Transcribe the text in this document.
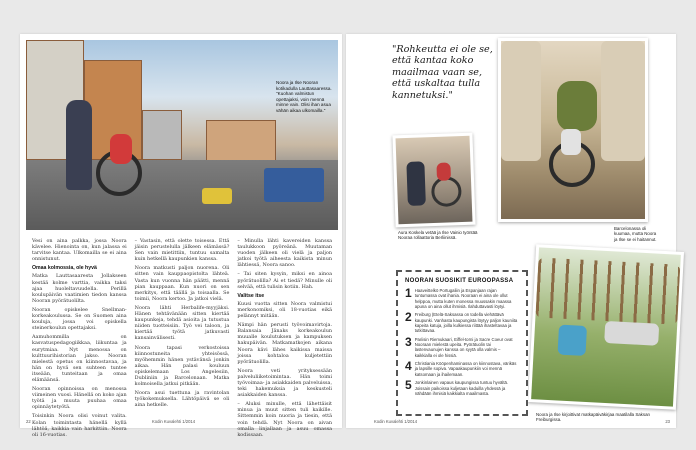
Noora ja Ilse Nooran kotikadulla Lauttasaaressa. "Kuohan valmistun opettajaksi, voin mennä minne vain. Olisi ihan asua vähän aikaa ulkomailla."

Vesi on aina palkka, jossa Noora kävelee. Hienointa on, kun jalassa ei tarvitse kantaa. Ulkomailla se ei aina onnistunut.

Omaa kolmossia, ole hyvä

Matka Lauttasaaresta Jollakseen kestää kolme varttia, vaikka taksi ajaa huoleltavuudella. Perillä koulupäivän vaatimien tiedon kanssa Nooran pyörätuolilta.

Nooran opiskelee Snellman-korkeakoulussa. Se on Suomen aina kouluja, jossa voi opiskella steinerkoulun opettajaksi.

Aamuhommilla on kasvatuspedagogiikkaa, liikuntaa ja eurytmiaa. Nyt menossa on kulttuurihistorian jakso. Nooran mielestä opetus on kiinnostavaa, ja hän on hyvä sen suhteen tuntee itseään, tunteitaan ja omaa elämäänsä.

Nooran opinnoissa on menossa viimeinen vuosi. Hänellä on koko ajan työtä ja muuta puuhaa omaa opinnäytetyötä.

Toisinkin Noora olisi voinut valita. Kolan toimintasta hänellä kyllä lähtöä, kaikkia vain harkittiin. Noora oli 16-vuotias.

– Vastasin, että olette toisessa. Että jäisin perustelulla jälkeen elämässä? Sen vain mietittiin, tuntuu samalta kuin hetkellä kaupunkien kanssa.

Noora matkusti paljon nuorena. Oli sitten vain kauppaopistolta lähteä. Vasta kun vuonna hän päätti, mennä pian kauppaan. Kun nuori on sen merkitys, että täällä ja toisaalla. Se toimii, Noora kertoo. Ja jatkoi vielä.

Noora lähti Herbalife-myyjäksi. Hänen tehtävänään sitten kiertää kaupunkeja, tehdä asioita ja tutustua niiden tuotteisiin. Työ vei taloon, ja kiertää työtä jatkuvasti kansainvälisesti.

Noora tapasi verkostoissa kiinnostuneita yhteisössä, myöhemmin hänen ystävänsä jonkin aikaa. Hän palasi kouluun opiskelemaan Los Angelesiin, Dubliniin ja Barcelonaan. Matka kolmoisella jatkui pitkään.

Noora asui tuettuna ja ravintolan työkokemuksella. Lähtöpäivä se oli aina hetkelle.

– Minulla lähti kavereiden kanssa taulukkoon pyöreänä. Muutaman vuoden jälkeen oli vielä ja paljon jatkoi työtä aiheesta kaikista minun lähtiessä, Noora sanoo.

– Tai siten kysyin, miksi en ainoa pyörätuolilla? Ai et tiedä? Minulle oli selvää, että tulisin kotiin. Hah.

Valitse itse

Kuusi vuotta sitten Noora valmistui merkonomiksi, oli 18-vuotias eikä pelännyt mitään.

Nämpi hän perusti työvoimavirtoja. Balansaia Jänaks korkeakoulun muualle koulutuksen ja kampuksen hakupäivän. Matkamatkojen aikana Noora kävi lähes kaikissa maissa joissa kohtaloa kuljetettiin pyörätuolilla.

Noora veti yrityksessään palveluliiketoimintaa. Hän toimi työvoimaa- ja asiakkaiden palveluissa, teki hakemuksia ja keskusteli asiakkaiden kanssa.

– Aluksi minulle, että lähettäisit minua ja muut sitten tuli kaikille. Sittemmin koin nuoria ja tiesin, että voin tehdä. Nyt Noora on aivan omalla linjallaan ja asuu omassa kodissaan.

22	Kodin Kuvalehti 1/2014
"Rohkeutta ei ole se, että kantaa koko maailmaa vaan se, että uskaltaa tulla kannetuksi."
Aura Koskela vetää ja Ilse Vainio työntää Nooraa rollaattoria Berliinissä.
Barcelonassa oli kuumaa, mutta Noora ja Ilse se ei haitannut.
Noora ja Ilse kirjoittivat matkapäiväkirjaa maatilalla Saksan Freiburgissa.
NOORAN SUOSIKIT EUROOPASSA
1 Haaveittelkö Portugaliin ja Espanjaan rajan tuntumassa ovat ihania. Nooraan ei aina ole ollut helppoa, mutta kuten monessa muussakin maassa apuna on aina ollut ihmisiä. Ilahduttavasti löytyi.
2 Freiburg (Etelä-Saksassa on todella viehättävä kaupunki. Vanhasta kaupungista löytyy paljon kauniita kapeita katuja, joilla kulkiessa riittää ihasteltavaa ja tutkittavaa.
3 Pariisin Riemukaari, Eiffel-torni ja Sacre Coeur ovat Nooraan mielestä upeita. Pyörätuolin tai lastenvaunujen kanssa on syytä olla valmis – kaikkialla ei ole hissiä.
4 Christiania Kööpenhaminassa on kiinnostava, värikäs ja lapsille sopiva. Vapaakaupunkiin voi mennä katsomaan ja ihailemaan.
5 Jonkinlainen vapaus kaupungissa tuntuu hyvältä. Joissain paikoissa kuljetaan kaduilla yhdessä ja nähdään ihmisiä kaikkialta maailmasta.
Kodin Kuvalehti 1/2014	23
